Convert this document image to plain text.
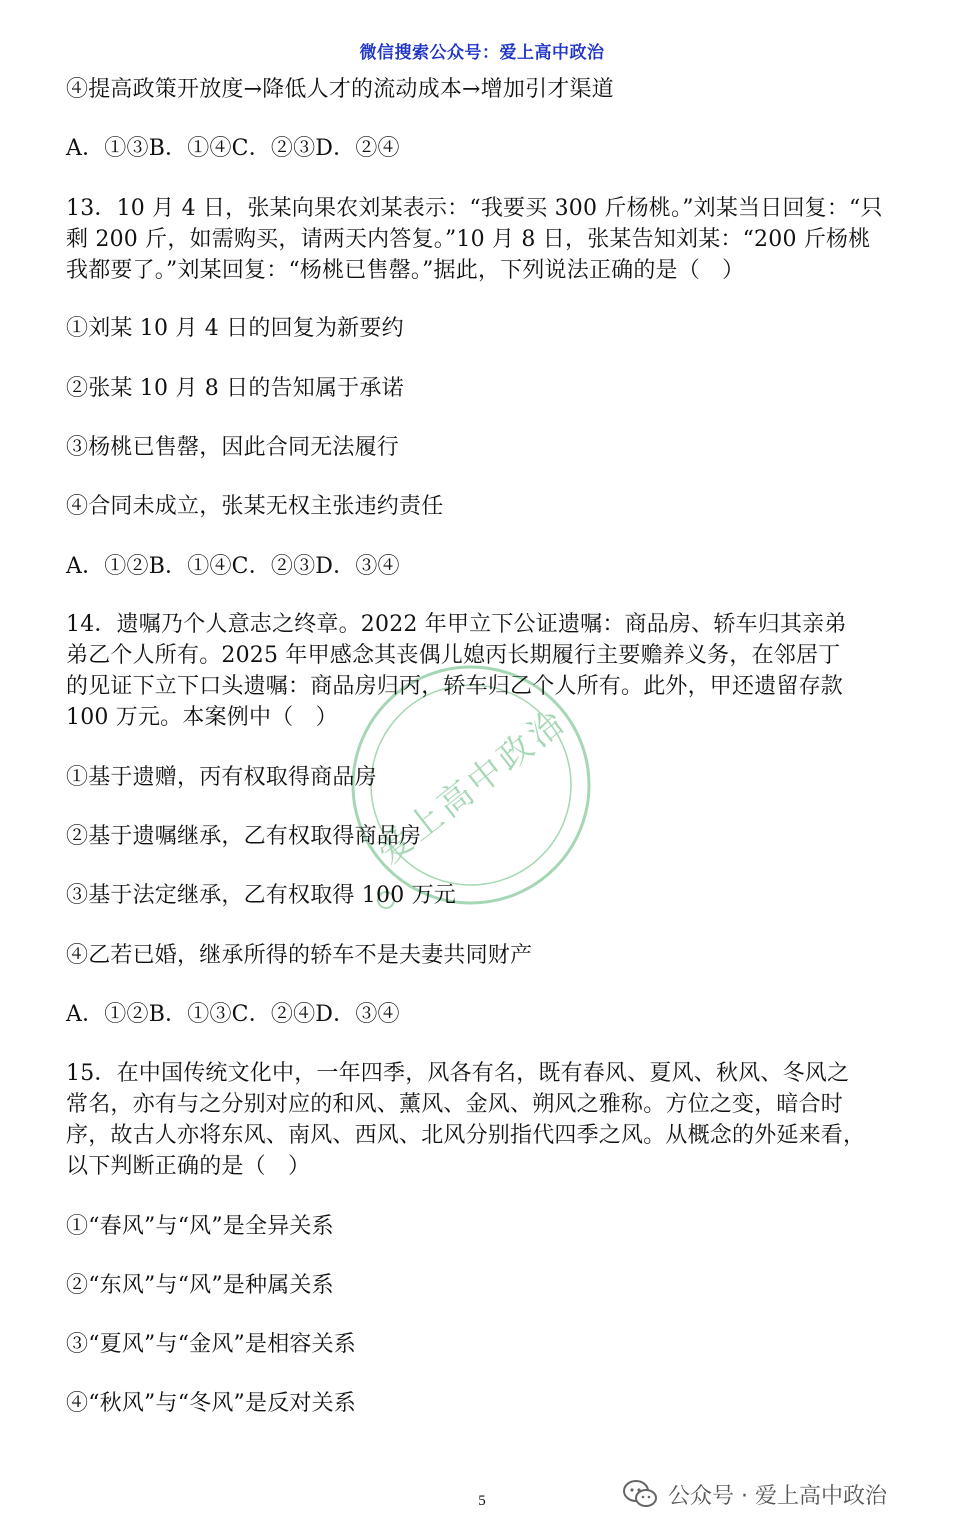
微信搜索公众号：爱上高中政治
爱上高中政治
④提高政策开放度→降低人才的流动成本→增加引才渠道
A．①③B．①④C．②③D．②④
13．10 月 4 日，张某向果农刘某表示：“我要买 300 斤杨桃。”刘某当日回复：“只
剩 200 斤，如需购买，请两天内答复。”10 月 8 日，张某告知刘某：“200 斤杨桃
我都要了。”刘某回复：“杨桃已售罄。”据此，下列说法正确的是（　）
①刘某 10 月 4 日的回复为新要约
②张某 10 月 8 日的告知属于承诺
③杨桃已售罄，因此合同无法履行
④合同未成立，张某无权主张违约责任
A．①②B．①④C．②③D．③④
14．遗嘱乃个人意志之终章。2022 年甲立下公证遗嘱：商品房、轿车归其亲弟
弟乙个人所有。2025 年甲感念其丧偶儿媳丙长期履行主要赡养义务，在邻居丁
的见证下立下口头遗嘱：商品房归丙，轿车归乙个人所有。此外，甲还遗留存款
100 万元。本案例中（　）
①基于遗赠，丙有权取得商品房
②基于遗嘱继承，乙有权取得商品房
③基于法定继承，乙有权取得 100 万元
④乙若已婚，继承所得的轿车不是夫妻共同财产
A．①②B．①③C．②④D．③④
15．在中国传统文化中，一年四季，风各有名，既有春风、夏风、秋风、冬风之
常名，亦有与之分别对应的和风、薰风、金风、朔风之雅称。方位之变，暗合时
序，故古人亦将东风、南风、西风、北风分别指代四季之风。从概念的外延来看，
以下判断正确的是（　）
①“春风”与“风”是全异关系
②“东风”与“风”是种属关系
③“夏风”与“金风”是相容关系
④“秋风”与“冬风”是反对关系
5	公众号 · 爱上高中政治
